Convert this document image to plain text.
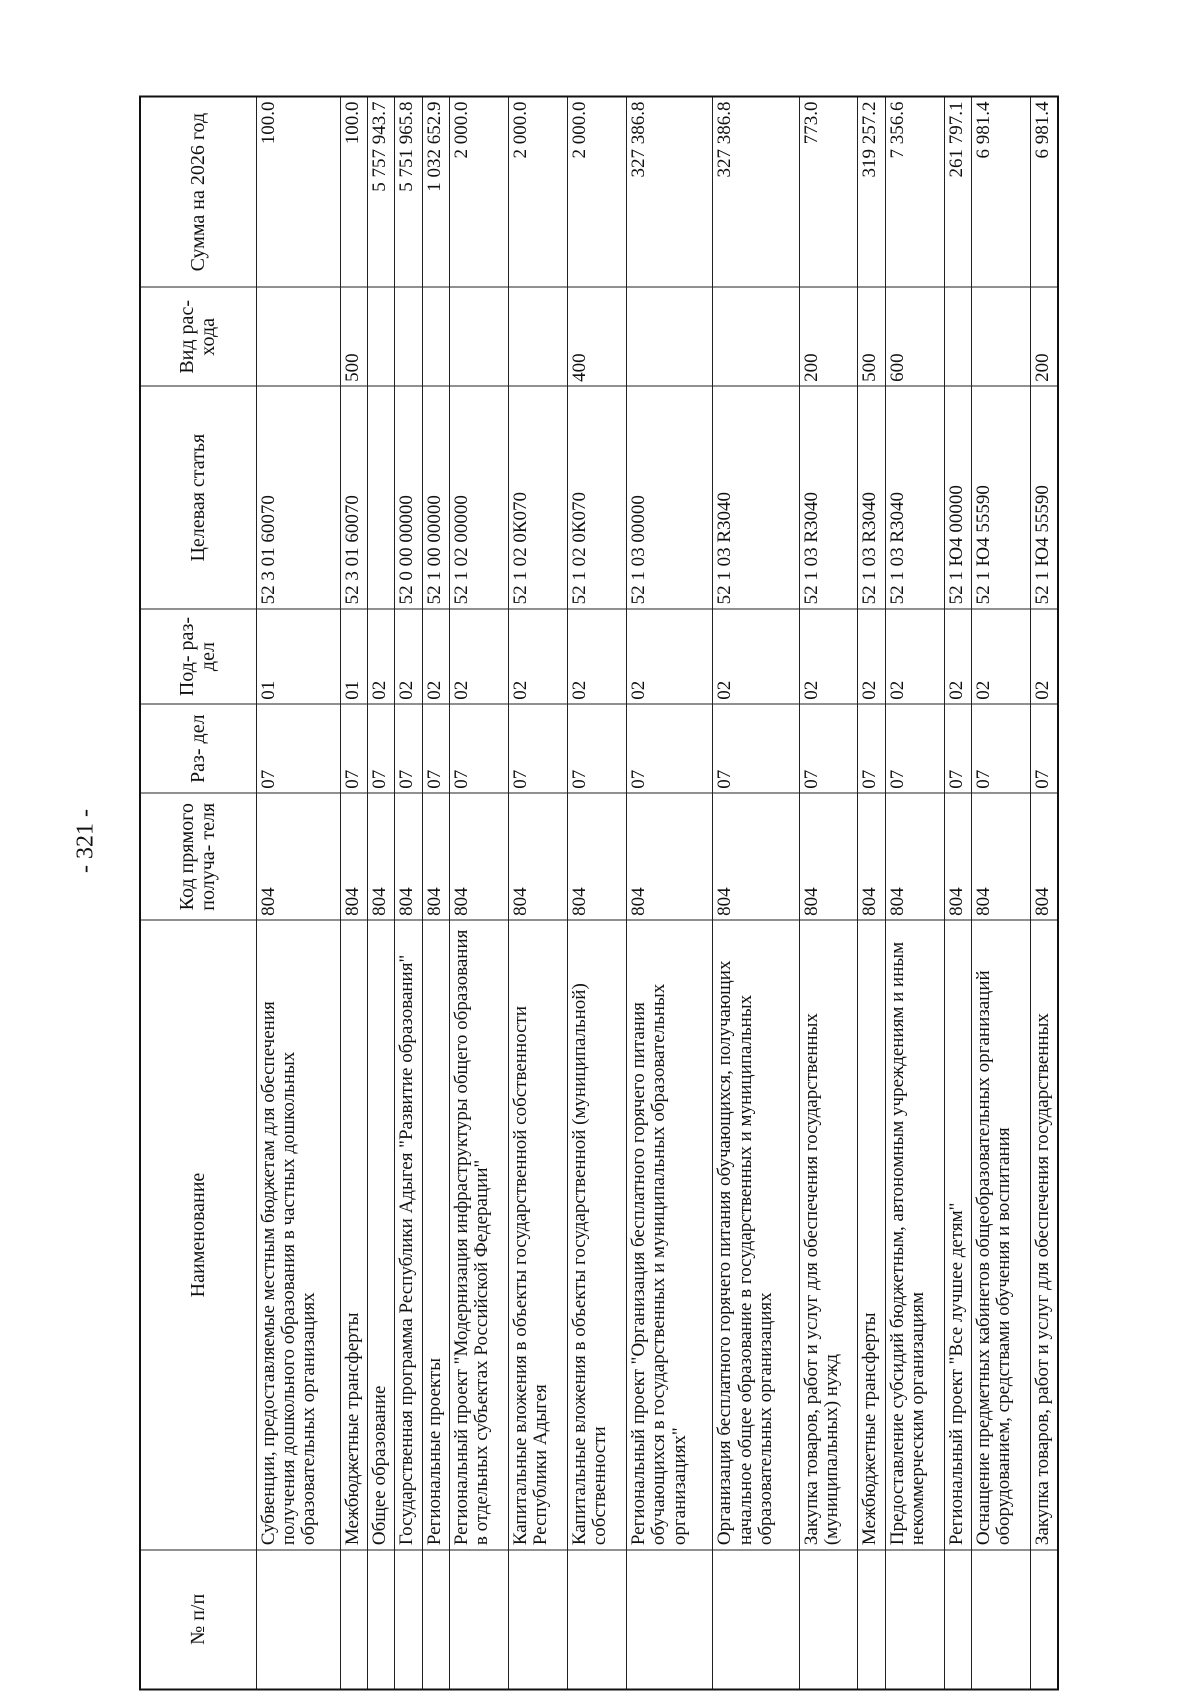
- 321 -
№ п/п	Наименование	Код прямого получа- теля	Раз- дел	Под- раз- дел	Целевая статья	Вид рас- хода	Сумма на 2026 год
	Субвенции, предоставляемые местным бюджетам для обеспечения получения дошкольного образования в частных дошкольных образовательных организациях	804	07	01	52 3 01 60070		100.0
	Межбюджетные трансферты	804	07	01	52 3 01 60070	500	100.0
	Общее образование	804	07	02			5 757 943.7
	Государственная программа Республики Адыгея "Развитие образования"	804	07	02	52 0 00 00000		5 751 965.8
	Региональные проекты	804	07	02	52 1 00 00000		1 032 652.9
	Региональный проект "Модернизация инфраструктуры общего образования в отдельных субъектах Российской Федерации"	804	07	02	52 1 02 00000		2 000.0
	Капитальные вложения в объекты государственной собственности Республики Адыгея	804	07	02	52 1 02 0К070		2 000.0
	Капитальные вложения в объекты государственной (муниципальной) собственности	804	07	02	52 1 02 0К070	400	2 000.0
	Региональный проект "Организация бесплатного горячего питания обучающихся в государственных и муниципальных образовательных организациях"	804	07	02	52 1 03 00000		327 386.8
	Организация бесплатного горячего питания обучающихся, получающих начальное общее образование в государственных и муниципальных образовательных организациях	804	07	02	52 1 03 R3040		327 386.8
	Закупка товаров, работ и услуг для обеспечения государственных (муниципальных) нужд	804	07	02	52 1 03 R3040	200	773.0
	Межбюджетные трансферты	804	07	02	52 1 03 R3040	500	319 257.2
	Предоставление субсидий бюджетным, автономным учреждениям и иным некоммерческим организациям	804	07	02	52 1 03 R3040	600	7 356.6
	Региональный проект "Все лучшее детям"	804	07	02	52 1 Ю4 00000		261 797.1
	Оснащение предметных кабинетов общеобразовательных организаций оборудованием, средствами обучения и воспитания	804	07	02	52 1 Ю4 55590		6 981.4
	Закупка товаров, работ и услуг для обеспечения государственных	804	07	02	52 1 Ю4 55590	200	6 981.4
